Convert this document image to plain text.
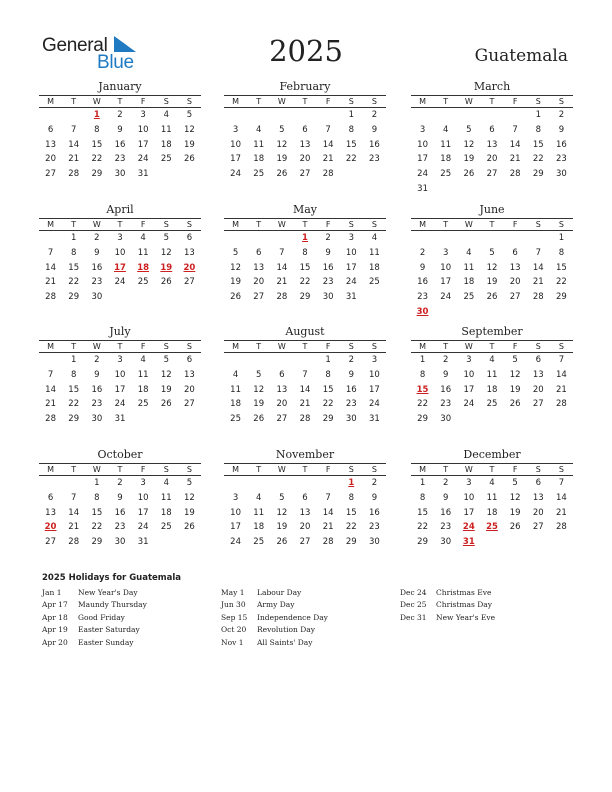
General
Blue	2025	Guatemala
January
M	T	W	T	F	S	S
		1	2	3	4	5
6	7	8	9	10	11	12
13	14	15	16	17	18	19
20	21	22	23	24	25	26
27	28	29	30	31		
February
M	T	W	T	F	S	S
					1	2
3	4	5	6	7	8	9
10	11	12	13	14	15	16
17	18	19	20	21	22	23
24	25	26	27	28		
March
M	T	W	T	F	S	S
					1	2
3	4	5	6	7	8	9
10	11	12	13	14	15	16
17	18	19	20	21	22	23
24	25	26	27	28	29	30
31						
April
M	T	W	T	F	S	S
	1	2	3	4	5	6
7	8	9	10	11	12	13
14	15	16	17	18	19	20
21	22	23	24	25	26	27
28	29	30				
May
M	T	W	T	F	S	S
			1	2	3	4
5	6	7	8	9	10	11
12	13	14	15	16	17	18
19	20	21	22	23	24	25
26	27	28	29	30	31	
June
M	T	W	T	F	S	S
						1
2	3	4	5	6	7	8
9	10	11	12	13	14	15
16	17	18	19	20	21	22
23	24	25	26	27	28	29
30						
July
M	T	W	T	F	S	S
	1	2	3	4	5	6
7	8	9	10	11	12	13
14	15	16	17	18	19	20
21	22	23	24	25	26	27
28	29	30	31			
August
M	T	W	T	F	S	S
				1	2	3
4	5	6	7	8	9	10
11	12	13	14	15	16	17
18	19	20	21	22	23	24
25	26	27	28	29	30	31
September
M	T	W	T	F	S	S
1	2	3	4	5	6	7
8	9	10	11	12	13	14
15	16	17	18	19	20	21
22	23	24	25	26	27	28
29	30					
October
M	T	W	T	F	S	S
		1	2	3	4	5
6	7	8	9	10	11	12
13	14	15	16	17	18	19
20	21	22	23	24	25	26
27	28	29	30	31		
November
M	T	W	T	F	S	S
					1	2
3	4	5	6	7	8	9
10	11	12	13	14	15	16
17	18	19	20	21	22	23
24	25	26	27	28	29	30
December
M	T	W	T	F	S	S
1	2	3	4	5	6	7
8	9	10	11	12	13	14
15	16	17	18	19	20	21
22	23	24	25	26	27	28
29	30	31				
2025 Holidays for Guatemala
Jan 1 New Year's Day
Apr 17 Maundy Thursday
Apr 18 Good Friday
Apr 19 Easter Saturday
Apr 20 Easter Sunday
May 1 Labour Day
Jun 30 Army Day
Sep 15 Independence Day
Oct 20 Revolution Day
Nov 1 All Saints' Day
Dec 24 Christmas Eve
Dec 25 Christmas Day
Dec 31 New Year's Eve
